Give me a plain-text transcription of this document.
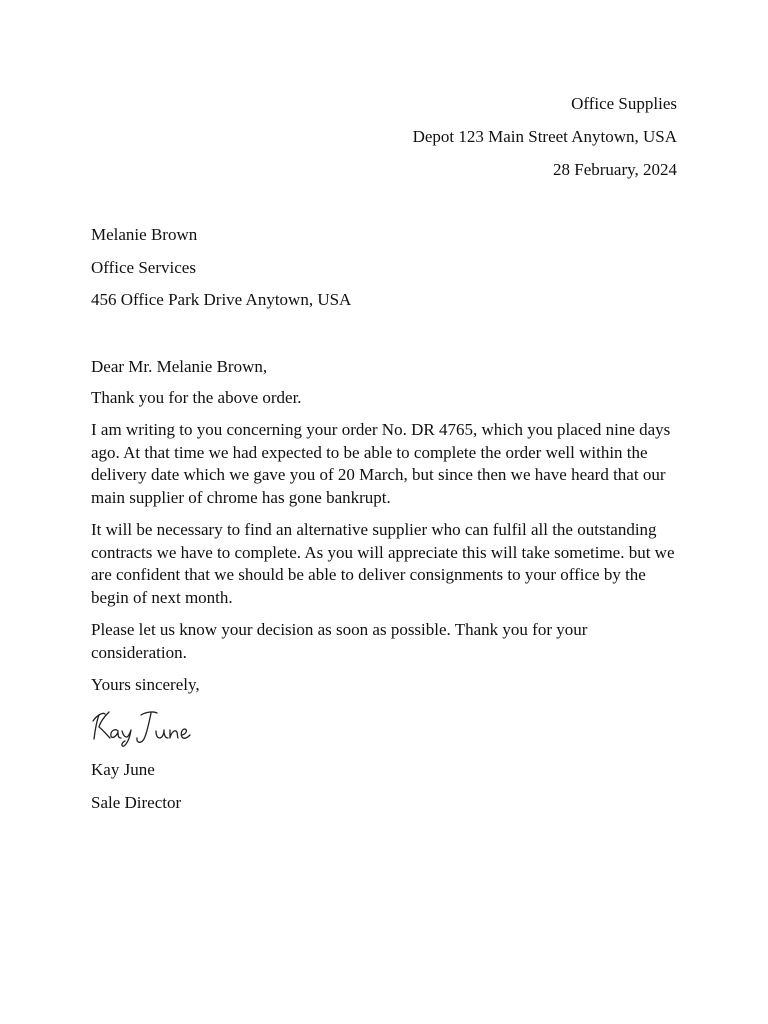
Office Supplies
Depot 123 Main Street Anytown, USA
28 February, 2024
Melanie Brown
Office Services
456 Office Park Drive Anytown, USA

Dear Mr. Melanie Brown,

Thank you for the above order.

I am writing to you concerning your order No. DR 4765, which you placed nine days ago. At that time we had expected to be able to complete the order well within the delivery date which we gave you of 20 March, but since then we have heard that our main supplier of chrome has gone bankrupt.

It will be necessary to find an alternative supplier who can fulfil all the outstanding contracts we have to complete. As you will appreciate this will take sometime. but we are confident that we should be able to deliver consignments to your office by the begin of next month.

Please let us know your decision as soon as possible. Thank you for your consideration.

Yours sincerely,

Kay June
Sale Director
